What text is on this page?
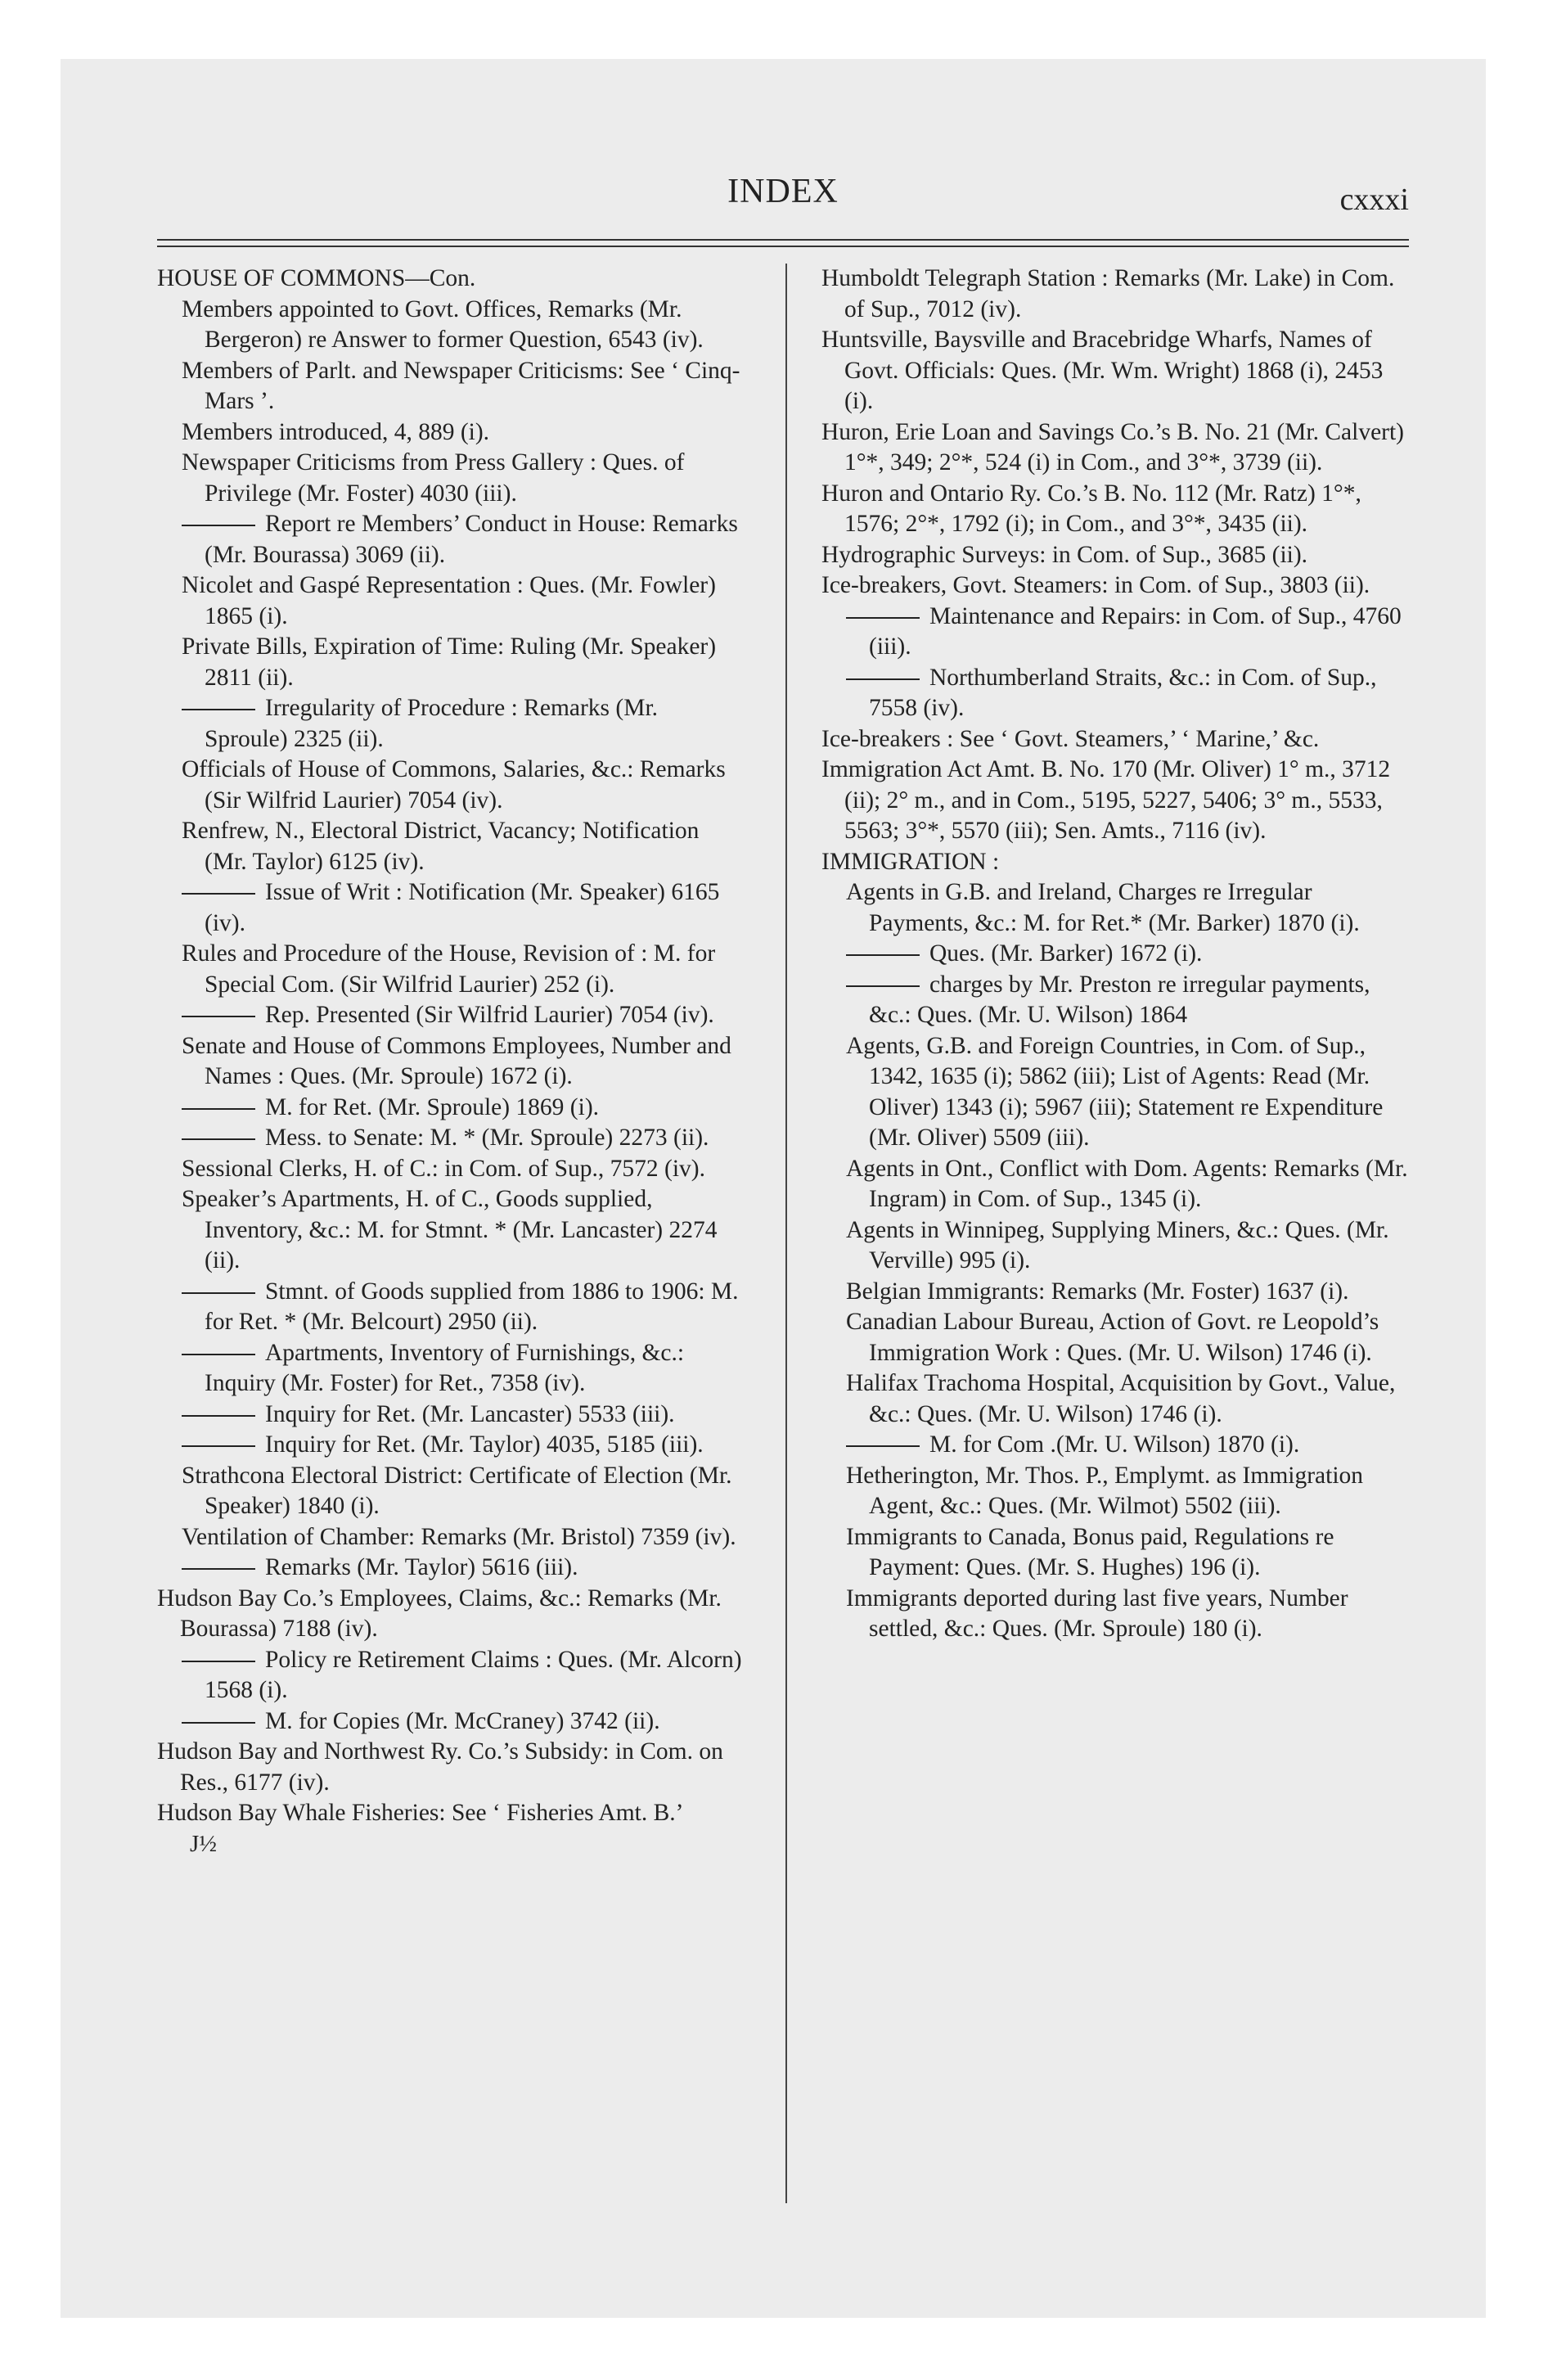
INDEX	cxxxi

HOUSE OF COMMONS—Con.

Members appointed to Govt. Offices, Remarks (Mr. Bergeron) re Answer to former Question, 6543 (iv).

Members of Parlt. and Newspaper Criticisms: See ‘ Cinq-Mars ’.

Members introduced, 4, 889 (i).

Newspaper Criticisms from Press Gallery : Ques. of Privilege (Mr. Foster) 4030 (iii).

Report re Members’ Conduct in House: Remarks (Mr. Bourassa) 3069 (ii).

Nicolet and Gaspé Representation : Ques. (Mr. Fowler) 1865 (i).

Private Bills, Expiration of Time: Ruling (Mr. Speaker) 2811 (ii).

Irregularity of Procedure : Remarks (Mr. Sproule) 2325 (ii).

Officials of House of Commons, Salaries, &c.: Remarks (Sir Wilfrid Laurier) 7054 (iv).

Renfrew, N., Electoral District, Vacancy; Notification (Mr. Taylor) 6125 (iv).

Issue of Writ : Notification (Mr. Speaker) 6165 (iv).

Rules and Procedure of the House, Revision of : M. for Special Com. (Sir Wilfrid Laurier) 252 (i).

Rep. Presented (Sir Wilfrid Laurier) 7054 (iv).

Senate and House of Commons Employees, Number and Names : Ques. (Mr. Sproule) 1672 (i).

M. for Ret. (Mr. Sproule) 1869 (i).

Mess. to Senate: M. * (Mr. Sproule) 2273 (ii).

Sessional Clerks, H. of C.: in Com. of Sup., 7572 (iv).

Speaker’s Apartments, H. of C., Goods supplied, Inventory, &c.: M. for Stmnt. * (Mr. Lancaster) 2274 (ii).

Stmnt. of Goods supplied from 1886 to 1906: M. for Ret. * (Mr. Belcourt) 2950 (ii).

Apartments, Inventory of Furnishings, &c.: Inquiry (Mr. Foster) for Ret., 7358 (iv).

Inquiry for Ret. (Mr. Lancaster) 5533 (iii).

Inquiry for Ret. (Mr. Taylor) 4035, 5185 (iii).

Strathcona Electoral District: Certificate of Election (Mr. Speaker) 1840 (i).

Ventilation of Chamber: Remarks (Mr. Bristol) 7359 (iv).

Remarks (Mr. Taylor) 5616 (iii).

Hudson Bay Co.’s Employees, Claims, &c.: Remarks (Mr. Bourassa) 7188 (iv).

Policy re Retirement Claims : Ques. (Mr. Alcorn) 1568 (i).

M. for Copies (Mr. McCraney) 3742 (ii).

Hudson Bay and Northwest Ry. Co.’s Subsidy: in Com. on Res., 6177 (iv).

Hudson Bay Whale Fisheries: See ‘ Fisheries Amt. B.’

J½

Humboldt Telegraph Station : Remarks (Mr. Lake) in Com. of Sup., 7012 (iv).

Huntsville, Baysville and Bracebridge Wharfs, Names of Govt. Officials: Ques. (Mr. Wm. Wright) 1868 (i), 2453 (i).

Huron, Erie Loan and Savings Co.’s B. No. 21 (Mr. Calvert) 1°*, 349; 2°*, 524 (i) in Com., and 3°*, 3739 (ii).

Huron and Ontario Ry. Co.’s B. No. 112 (Mr. Ratz) 1°*, 1576; 2°*, 1792 (i); in Com., and 3°*, 3435 (ii).

Hydrographic Surveys: in Com. of Sup., 3685 (ii).

Ice-breakers, Govt. Steamers: in Com. of Sup., 3803 (ii).

Maintenance and Repairs: in Com. of Sup., 4760 (iii).

Northumberland Straits, &c.: in Com. of Sup., 7558 (iv).

Ice-breakers : See ‘ Govt. Steamers,’ ‘ Marine,’ &c.

Immigration Act Amt. B. No. 170 (Mr. Oliver) 1° m., 3712 (ii); 2° m., and in Com., 5195, 5227, 5406; 3° m., 5533, 5563; 3°*, 5570 (iii); Sen. Amts., 7116 (iv).

IMMIGRATION :

Agents in G.B. and Ireland, Charges re Irregular Payments, &c.: M. for Ret.* (Mr. Barker) 1870 (i).

Ques. (Mr. Barker) 1672 (i).

charges by Mr. Preston re irregular payments, &c.: Ques. (Mr. U. Wilson) 1864

Agents, G.B. and Foreign Countries, in Com. of Sup., 1342, 1635 (i); 5862 (iii); List of Agents: Read (Mr. Oliver) 1343 (i); 5967 (iii); Statement re Expenditure (Mr. Oliver) 5509 (iii).

Agents in Ont., Conflict with Dom. Agents: Remarks (Mr. Ingram) in Com. of Sup., 1345 (i).

Agents in Winnipeg, Supplying Miners, &c.: Ques. (Mr. Verville) 995 (i).

Belgian Immigrants: Remarks (Mr. Foster) 1637 (i).

Canadian Labour Bureau, Action of Govt. re Leopold’s Immigration Work : Ques. (Mr. U. Wilson) 1746 (i).

Halifax Trachoma Hospital, Acquisition by Govt., Value, &c.: Ques. (Mr. U. Wilson) 1746 (i).

M. for Com .(Mr. U. Wilson) 1870 (i).

Hetherington, Mr. Thos. P., Emplymt. as Immigration Agent, &c.: Ques. (Mr. Wilmot) 5502 (iii).

Immigrants to Canada, Bonus paid, Regulations re Payment: Ques. (Mr. S. Hughes) 196 (i).

Immigrants deported during last five years, Number settled, &c.: Ques. (Mr. Sproule) 180 (i).
